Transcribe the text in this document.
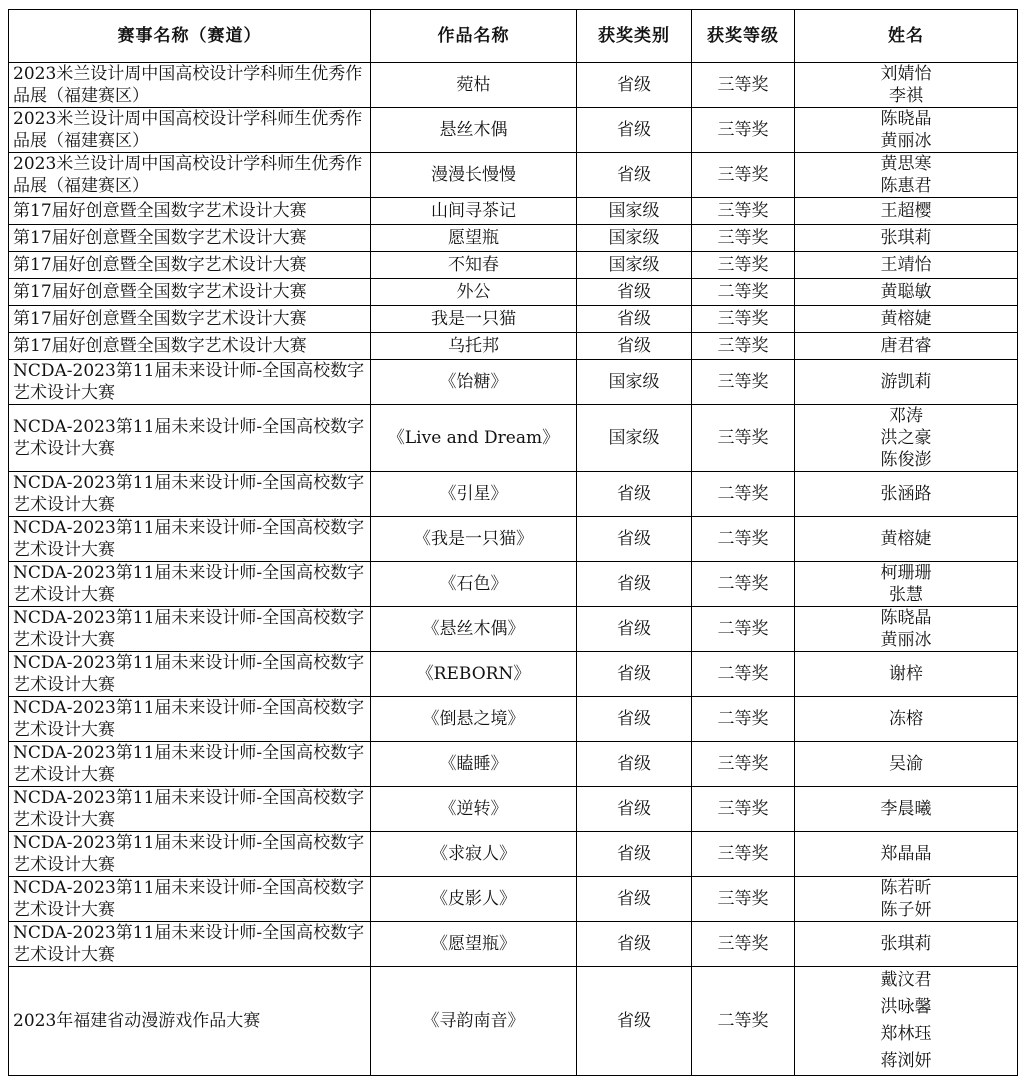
赛事名称（赛道）	作品名称	获奖类别	获奖等级	姓名
2023米兰设计周中国高校设计学科师生优秀作品展（福建赛区）	菀枯	省级	三等奖	刘婧怡
李祺

2023米兰设计周中国高校设计学科师生优秀作品展（福建赛区）	悬丝木偶	省级	三等奖	陈晓晶
黄丽冰

2023米兰设计周中国高校设计学科师生优秀作品展（福建赛区）	漫漫长慢慢	省级	三等奖	黄思寒
陈惠君

第17届好创意暨全国数字艺术设计大赛	山间寻茶记	国家级	三等奖	王超樱

第17届好创意暨全国数字艺术设计大赛	愿望瓶	国家级	三等奖	张琪莉

第17届好创意暨全国数字艺术设计大赛	不知春	国家级	三等奖	王靖怡

第17届好创意暨全国数字艺术设计大赛	外公	省级	二等奖	黄聪敏

第17届好创意暨全国数字艺术设计大赛	我是一只猫	省级	三等奖	黄榕婕

第17届好创意暨全国数字艺术设计大赛	乌托邦	省级	三等奖	唐君睿

NCDA-2023第11届未来设计师-全国高校数字艺术设计大赛	《饴糖》	国家级	三等奖	游凯莉

NCDA-2023第11届未来设计师-全国高校数字艺术设计大赛	《Live and Dream》	国家级	三等奖	邓涛
洪之豪
陈俊澎

NCDA-2023第11届未来设计师-全国高校数字艺术设计大赛	《引星》	省级	二等奖	张涵路

NCDA-2023第11届未来设计师-全国高校数字艺术设计大赛	《我是一只猫》	省级	二等奖	黄榕婕

NCDA-2023第11届未来设计师-全国高校数字艺术设计大赛	《石色》	省级	二等奖	柯珊珊
张慧

NCDA-2023第11届未来设计师-全国高校数字艺术设计大赛	《悬丝木偶》	省级	二等奖	陈晓晶
黄丽冰

NCDA-2023第11届未来设计师-全国高校数字艺术设计大赛	《REBORN》	省级	二等奖	谢梓

NCDA-2023第11届未来设计师-全国高校数字艺术设计大赛	《倒悬之境》	省级	二等奖	冻榕

NCDA-2023第11届未来设计师-全国高校数字艺术设计大赛	《瞌睡》	省级	三等奖	吴渝

NCDA-2023第11届未来设计师-全国高校数字艺术设计大赛	《逆转》	省级	三等奖	李晨曦

NCDA-2023第11届未来设计师-全国高校数字艺术设计大赛	《求寂人》	省级	三等奖	郑晶晶

NCDA-2023第11届未来设计师-全国高校数字艺术设计大赛	《皮影人》	省级	三等奖	陈若昕
陈子妍

NCDA-2023第11届未来设计师-全国高校数字艺术设计大赛	《愿望瓶》	省级	三等奖	张琪莉

2023年福建省动漫游戏作品大赛	《寻韵南音》	省级	二等奖	戴汶君
洪咏馨
郑林珏
蒋浏妍
